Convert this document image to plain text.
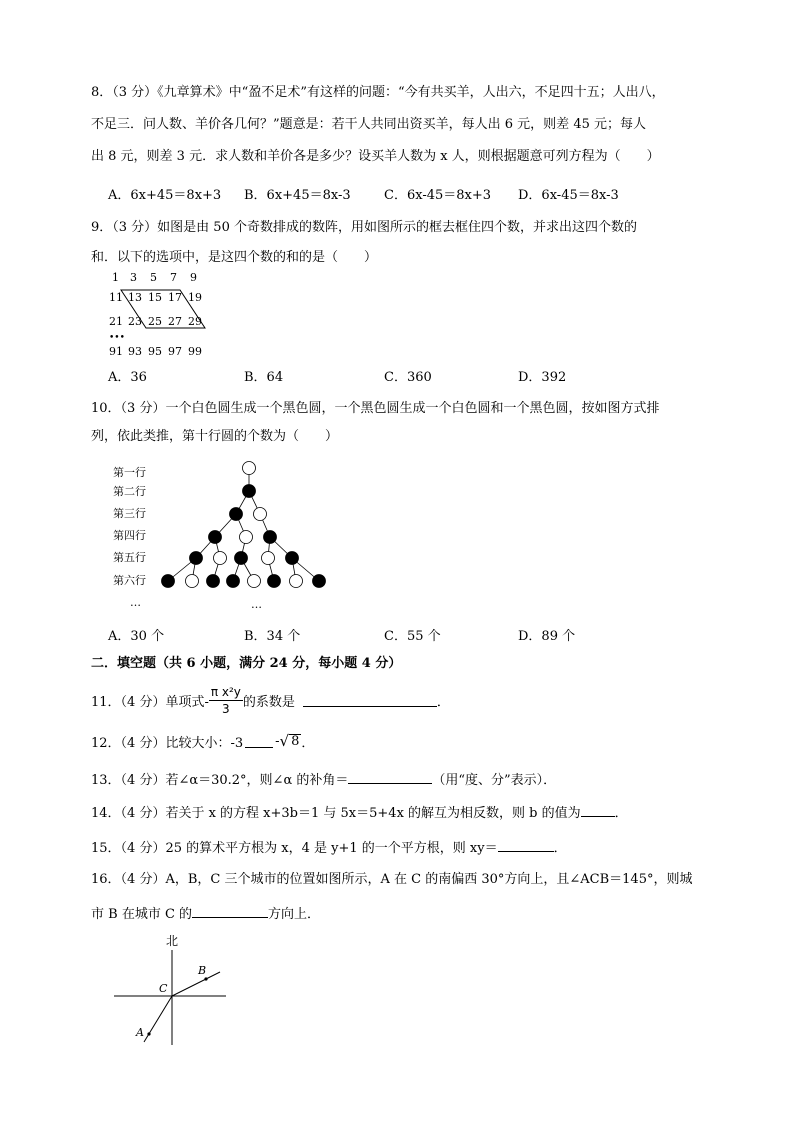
8．（3 分）《九章算术》中“盈不足术”有这样的问题：“今有共买羊，人出六，不足四十五；人出八，
不足三．问人数、羊价各几何？”题意是：若干人共同出资买羊，每人出 6 元，则差 45 元；每人
出 8 元，则差 3 元．求人数和羊价各是多少？设买羊人数为 x 人，则根据题意可列方程为（　　）
A．6x+45＝8x+3 B．6x+45＝8x-3	C．6x-45＝8x+3 D．6x-45＝8x-3
9．（3 分）如图是由 50 个奇数排成的数阵，用如图所示的框去框住四个数，并求出这四个数的
和．以下的选项中，是这四个数的和的是（　　）
1 3 5 7 9
11 13 15 17 19
21 23 25 27 29
•••
91 93 95 97 99
A．36	B．64	C．360	D．392
10．（3 分）一个白色圆生成一个黑色圆，一个黑色圆生成一个白色圆和一个黑色圆，按如图方式排
列，依此类推，第十行圆的个数为（　　）
第一行
第二行
第三行
第四行
第五行
第六行
…	…
A．30 个	B．34 个	C．55 个	D．89 个
二．填空题（共 6 小题，满分 24 分，每小题 4 分）
11．（4 分）单项式- $\frac{\text{π x²y}}{3}$ 的系数是	．
12．（4 分）比较大小：-3 - √ 8 ．
13．（4 分）若∠α＝30.2°，则∠α 的补角＝	（用“度、分”表示）．
14．（4 分）若关于 x 的方程 x+3b＝1 与 5x＝5+4x 的解互为相反数，则 b 的值为	．
15．（4 分）25 的算术平方根为 x，4 是 y+1 的一个平方根，则 xy＝	．
16．（4 分）A，B，C 三个城市的位置如图所示，A 在 C 的南偏西 30°方向上，且∠ACB＝145°，则城
市 B 在城市 C 的	方向上．
北
B
C
A
